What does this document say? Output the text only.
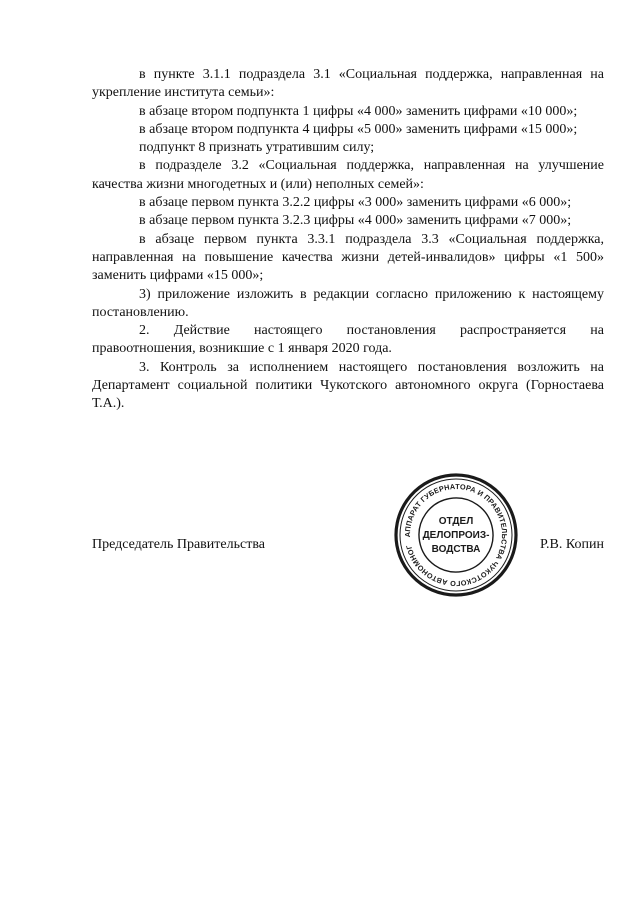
в пункте 3.1.1 подраздела 3.1 «Социальная поддержка, направленная на укрепление института семьи»:

в абзаце втором подпункта 1 цифры «4 000» заменить цифрами «10 000»;

в абзаце втором подпункта 4 цифры «5 000» заменить цифрами «15 000»;

подпункт 8 признать утратившим силу;

в подразделе 3.2 «Социальная поддержка, направленная на улучшение качества жизни многодетных и (или) неполных семей»:

в абзаце первом пункта 3.2.2 цифры «3 000» заменить цифрами «6 000»;

в абзаце первом пункта 3.2.3 цифры «4 000» заменить цифрами «7 000»;

в абзаце первом пункта 3.3.1 подраздела 3.3 «Социальная поддержка, направленная на повышение качества жизни детей-инвалидов» цифры «1 500» заменить цифрами «15 000»;

3) приложение изложить в редакции согласно приложению к настоящему постановлению.

2. Действие настоящего постановления распространяется на правоотношения, возникшие с 1 января 2020 года.

3. Контроль за исполнением настоящего постановления возложить на Департамент социальной политики Чукотского автономного округа (Горностаева Т.А.).

Председатель Правительства	Р.В. Копин
АППАРАТ ГУБЕРНАТОРА И ПРАВИТЕЛЬСТВА ЧУКОТСКОГО АВТОНОМНОГО
ОТДЕЛ
ДЕЛОПРОИЗ-
ВОДСТВА
